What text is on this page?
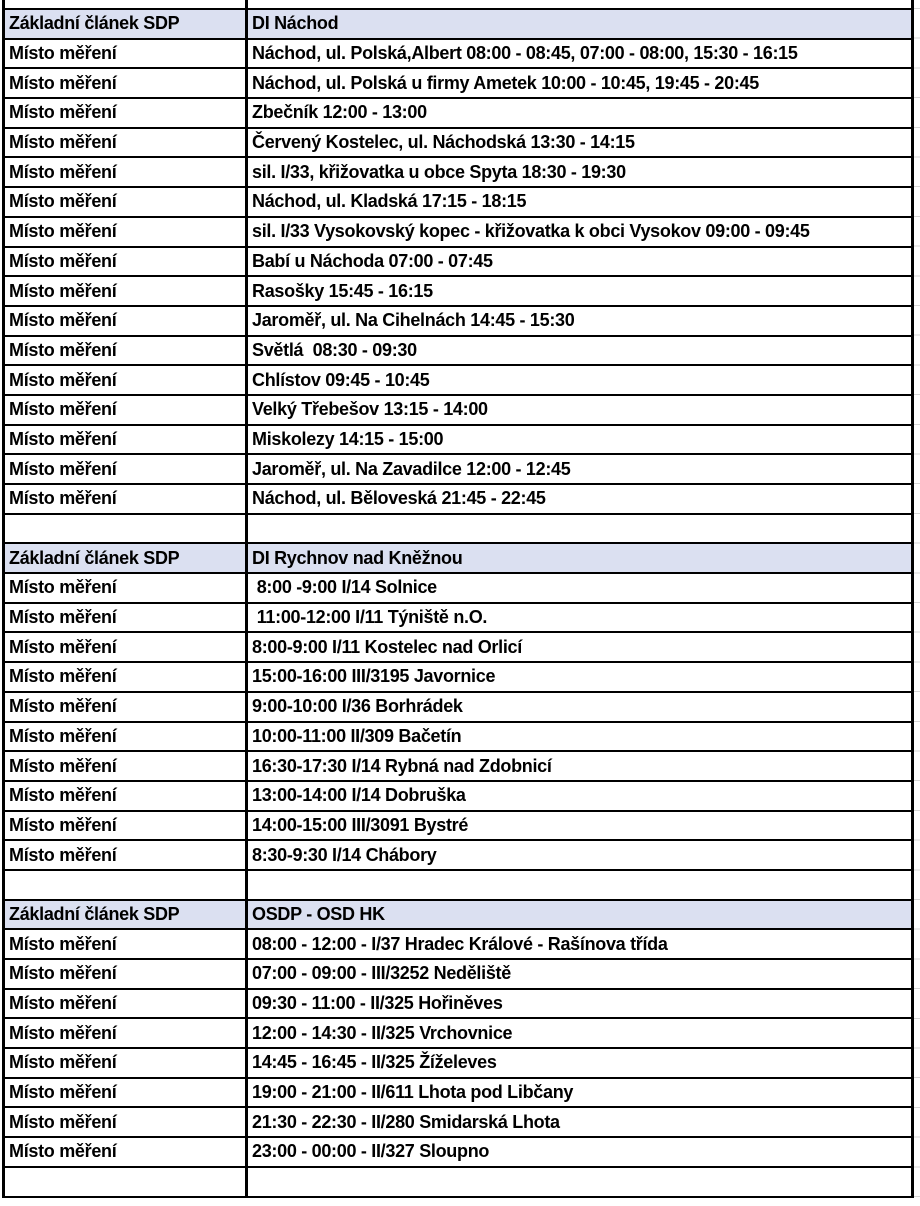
Základní článek SDP	DI Náchod
Místo měření	Náchod, ul. Polská,Albert 08:00 - 08:45, 07:00 - 08:00, 15:30 - 16:15
Místo měření	Náchod, ul. Polská u firmy Ametek 10:00 - 10:45, 19:45 - 20:45
Místo měření	Zbečník 12:00 - 13:00
Místo měření	Červený Kostelec, ul. Náchodská 13:30 - 14:15
Místo měření	sil. I/33, křižovatka u obce Spyta 18:30 - 19:30
Místo měření	Náchod, ul. Kladská 17:15 - 18:15
Místo měření	sil. I/33 Vysokovský kopec - křižovatka k obci Vysokov 09:00 - 09:45
Místo měření	Babí u Náchoda 07:00 - 07:45
Místo měření	Rasošky 15:45 - 16:15
Místo měření	Jaroměř, ul. Na Cihelnách 14:45 - 15:30
Místo měření	Světlá  08:30 - 09:30
Místo měření	Chlístov 09:45 - 10:45
Místo měření	Velký Třebešov 13:15 - 14:00
Místo měření	Miskolezy 14:15 - 15:00
Místo měření	Jaroměř, ul. Na Zavadilce 12:00 - 12:45
Místo měření	Náchod, ul. Běloveská 21:45 - 22:45
Základní článek SDP	DI Rychnov nad Kněžnou
Místo měření	8:00 -9:00 I/14 Solnice
Místo měření	11:00-12:00 I/11 Týniště n.O.
Místo měření	8:00-9:00 I/11 Kostelec nad Orlicí
Místo měření	15:00-16:00 III/3195 Javornice
Místo měření	9:00-10:00 I/36 Borhrádek
Místo měření	10:00-11:00 II/309 Bačetín
Místo měření	16:30-17:30 I/14 Rybná nad Zdobnicí
Místo měření	13:00-14:00 I/14 Dobruška
Místo měření	14:00-15:00 III/3091 Bystré
Místo měření	8:30-9:30 I/14 Chábory
Základní článek SDP	OSDP - OSD HK
Místo měření	08:00 - 12:00 - I/37 Hradec Králové - Rašínova třída
Místo měření	07:00 - 09:00 - III/3252 Neděliště
Místo měření	09:30 - 11:00 - II/325 Hořiněves
Místo měření	12:00 - 14:30 - II/325 Vrchovnice
Místo měření	14:45 - 16:45 - II/325 Žíželeves
Místo měření	19:00 - 21:00 - II/611 Lhota pod Libčany
Místo měření	21:30 - 22:30 - II/280 Smidarská Lhota
Místo měření	23:00 - 00:00 - II/327 Sloupno
